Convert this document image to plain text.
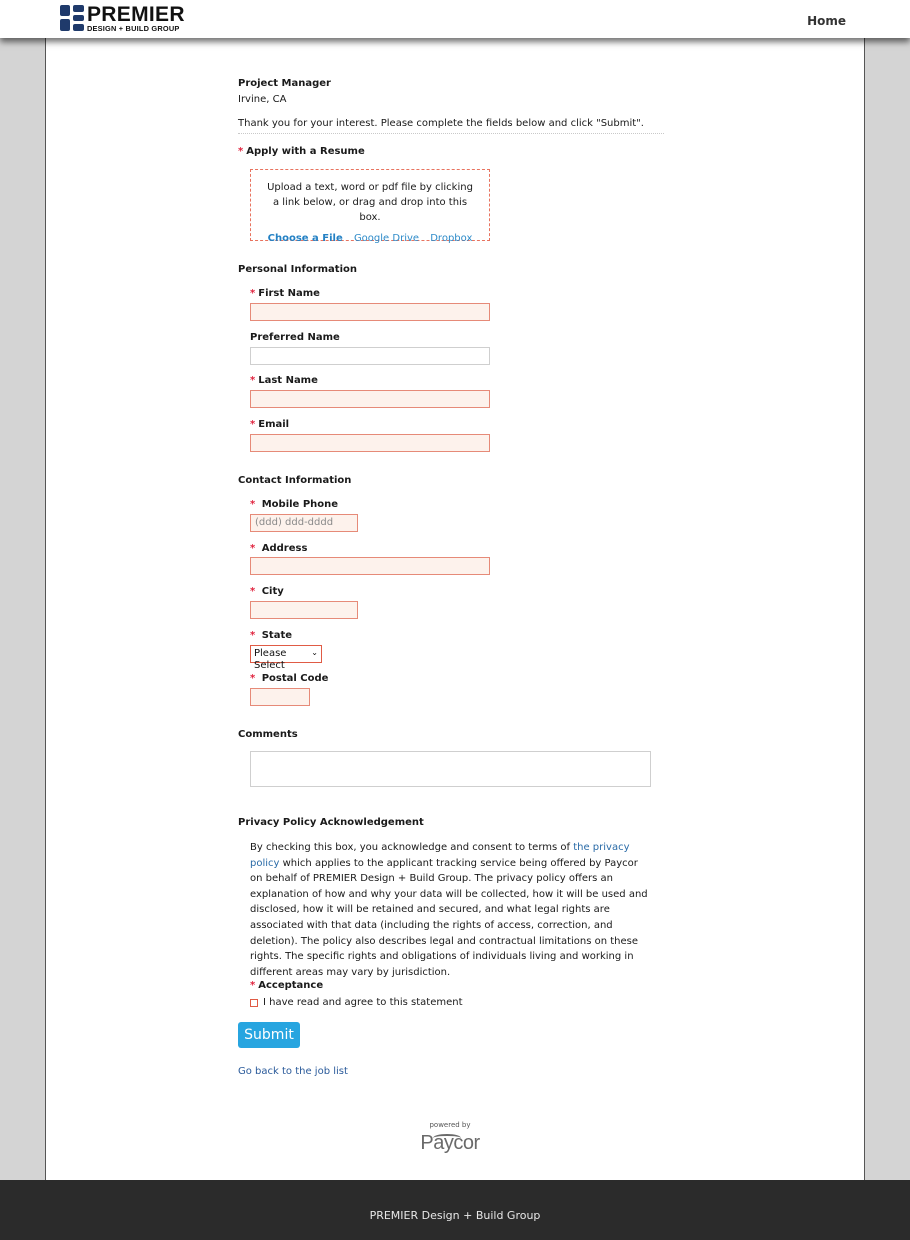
PREMIER
DESIGN + BUILD GROUP
Home
Project Manager
Irvine, CA
Thank you for your interest. Please complete the fields below and click "Submit".
* Apply with a Resume
Upload a text, word or pdf file by clicking a link below, or drag and drop into this box.
Choose a File Google Drive Dropbox
Personal Information
* First Name
Preferred Name
* Last Name
* Email
Contact Information
* Mobile Phone
(ddd) ddd-dddd
* Address
* City
* State
Please Select
⌄
* Postal Code
Comments
Privacy Policy Acknowledgement
By checking this box, you acknowledge and consent to terms of the privacy policy which applies to the applicant tracking service being offered by Paycor on behalf of PREMIER Design + Build Group. The privacy policy offers an explanation of how and why your data will be collected, how it will be used and disclosed, how it will be retained and secured, and what legal rights are associated with that data (including the rights of access, correction, and deletion). The policy also describes legal and contractual limitations on these rights. The specific rights and obligations of individuals living and working in different areas may vary by jurisdiction.
* Acceptance
I have read and agree to this statement
Submit
Go back to the job list
powered by
Paycor
PREMIER Design + Build Group
